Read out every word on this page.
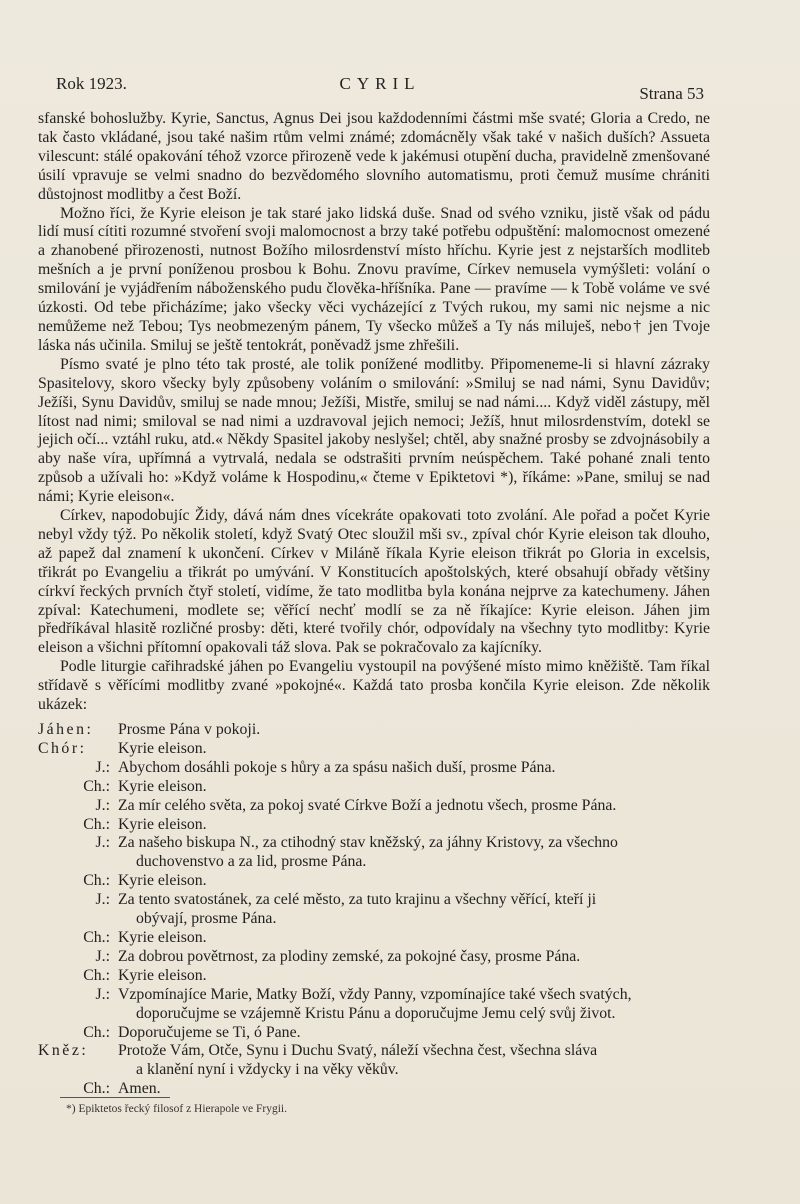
Rok 1923.	CYRIL
Strana 53

sfanské bohoslužby. Kyrie, Sanctus, Agnus Dei jsou každodenními částmi mše svaté; Gloria a Credo, ne tak často vkládané, jsou také našim rtům velmi známé; zdomácněly však také v našich duších? Assueta vilescunt: stálé opakování téhož vzorce přirozeně vede k jakémusi otupění ducha, pravidelně zmenšované úsilí vpravuje se velmi snadno do bezvědomého slovního automatismu, proti čemuž musíme chrániti důstojnost modlitby a čest Boží.

Možno říci, že Kyrie eleison je tak staré jako lidská duše. Snad od svého vzniku, jistě však od pádu lidí musí cítiti rozumné stvoření svoji malomocnost a brzy také potřebu odpuštění: malomocnost omezené a zhanobené přirozenosti, nutnost Božího milosrdenství místo hříchu. Kyrie jest z nejstarších modliteb mešních a je první poníženou prosbou k Bohu. Znovu pravíme, Církev nemusela vymýšleti: volání o smilování je vyjádřením náboženského pudu člověka-hříšníka. Pane — pravíme — k Tobě voláme ve své úzkosti. Od tebe přicházíme; jako všecky věci vycházející z Tvých rukou, my sami nic nejsme a nic nemůžeme než Tebou; Tys neobmezeným pánem, Ty všecko můžeš a Ty nás miluješ, nebo† jen Tvoje láska nás učinila. Smiluj se ještě tentokrát, poněvadž jsme zhřešili.

Písmo svaté je plno této tak prosté, ale tolik ponížené modlitby. Připomeneme-li si hlavní zázraky Spasitelovy, skoro všecky byly způsobeny voláním o smilování: »Smiluj se nad námi, Synu Davidův; Ježíši, Synu Davidův, smiluj se nade mnou; Ježíši, Mistře, smiluj se nad námi.... Když viděl zástupy, měl lítost nad nimi; smiloval se nad nimi a uzdravoval jejich nemoci; Ježíš, hnut milosrdenstvím, dotekl se jejich očí... vztáhl ruku, atd.« Někdy Spasitel jakoby neslyšel; chtěl, aby snažné prosby se zdvojnásobily a aby naše víra, upřímná a vytrvalá, nedala se odstrašiti prvním neúspěchem. Také pohané znali tento způsob a užívali ho: »Když voláme k Hospodinu,« čteme v Epiktetovi *), říkáme: »Pane, smiluj se nad námi; Kyrie eleison«.

Církev, napodobujíc Židy, dává nám dnes vícekráte opakovati toto zvolání. Ale pořad a počet Kyrie nebyl vždy týž. Po několik století, když Svatý Otec sloužil mši sv., zpíval chór Kyrie eleison tak dlouho, až papež dal znamení k ukončení. Církev v Miláně říkala Kyrie eleison třikrát po Gloria in excelsis, třikrát po Evangeliu a třikrát po umývání. V Konstitucích apoštolských, které obsahují obřady většiny církví řeckých prvních čtyř století, vidíme, že tato modlitba byla konána nejprve za katechumeny. Jáhen zpíval: Katechumeni, modlete se; věřící nechť modlí se za ně říkajíce: Kyrie eleison. Jáhen jim předříkával hlasitě rozličné prosby: děti, které tvořily chór, odpovídaly na všechny tyto modlitby: Kyrie eleison a všichni přítomní opakovali táž slova. Pak se pokračovalo za kajícníky.

Podle liturgie cařihradské jáhen po Evangeliu vystoupil na povýšené místo mimo kněžiště. Tam říkal střídavě s věřícími modlitby zvané »pokojné«. Každá tato prosba končila Kyrie eleison. Zde několik ukázek:

Jáhen:	Prosme Pána v pokoji.
Chór:	Kyrie eleison.
J.: Abychom dosáhli pokoje s hůry a za spásu našich duší, prosme Pána.
Ch.: Kyrie eleison.
J.: Za mír celého světa, za pokoj svaté Církve Boží a jednotu všech, prosme Pána.
Ch.: Kyrie eleison.
J.: Za našeho biskupa N., za ctihodný stav kněžský, za jáhny Kristovy, za všechno
duchovenstvo a za lid, prosme Pána.
Ch.: Kyrie eleison.
J.: Za tento svatostánek, za celé město, za tuto krajinu a všechny věřící, kteří ji
obývají, prosme Pána.
Ch.: Kyrie eleison.
J.: Za dobrou povětrnost, za plodiny zemské, za pokojné časy, prosme Pána.
Ch.: Kyrie eleison.
J.: Vzpomínajíce Marie, Matky Boží, vždy Panny, vzpomínajíce také všech svatých,
doporučujme se vzájemně Kristu Pánu a doporučujme Jemu celý svůj život.
Ch.: Doporučujeme se Ti, ó Pane.
Kněz:	Protože Vám, Otče, Synu i Duchu Svatý, náleží všechna čest, všechna sláva
a klanění nyní i vždycky i na věky věkův.
Ch.: Amen.
*) Epiktetos řecký filosof z Hierapole ve Frygii.
